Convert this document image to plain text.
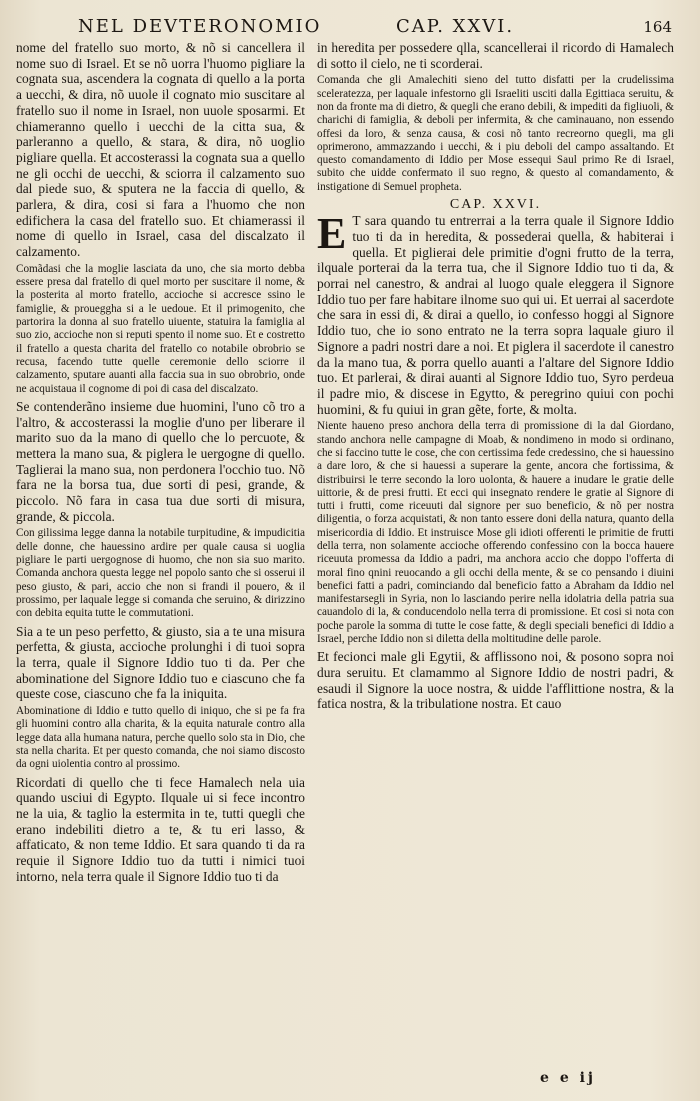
NEL DEVTERONOMIO	CAP. XXVI.	164

nome del fratello suo morto, & nõ si cancellera il nome suo di Israel. Et se nõ uorra l'huomo pigliare la cognata sua, ascendera la cognata di quello a la porta a uecchi, & dira, nõ uuole il cognato mio suscitare al fratello suo il nome in Israel, non uuole sposarmi. Et chiameranno quello i uecchi de la citta sua, & parleranno a quello, & stara, & dira, nõ uoglio pigliare quella. Et accosterassi la cognata sua a quello ne gli occhi de uecchi, & sciorra il calzamento suo dal piede suo, & sputera ne la faccia di quello, & parlera, & dira, cosi si fara a l'huomo che non edifichera la casa del fratello suo. Et chiamerassi il nome di quello in Israel, casa del discalzato il calzamento.

Comãdasi che la moglie lasciata da uno, che sia morto debba essere presa dal fratello di quel morto per suscitare il nome, & la posterita al morto fratello, accioche si accresce ssino le famiglie, & proueggha si a le uedoue. Et il primogenito, che partorira la donna al suo fratello uiuente, statuira la famiglia al suo zio, accioche non si reputi spento il nome suo. Et e costretto il fratello a questa charita del fratello co notabile obrobrio se recusa, facendo tutte quelle ceremonie dello sciorre il calzamento, sputare auanti alla faccia sua in suo obrobrio, onde ne acquistaua il cognome di poi di casa del discalzato.

Se contenderãno insieme due huomini, l'uno cõ tro a l'altro, & accosterassi la moglie d'uno per liberare il marito suo da la mano di quello che lo percuote, & mettera la mano sua, & piglera le uergogne di quello. Taglierai la mano sua, non perdonera l'occhio tuo. Nõ fara ne la borsa tua, due sorti di pesi, grande, & piccolo. Nõ fara in casa tua due sorti di misura, grande, & piccola.

Con gilissima legge danna la notabile turpitudine, & impudicitia delle donne, che hauessino ardire per quale causa si uoglia pigliare le parti uergognose di huomo, che non sia suo marito. Comanda anchora questa legge nel popolo santo che si osserui il peso giusto, & pari, accio che non si frandi il pouero, & il prossimo, per laquale legge si comanda che seruino, & dirizzino con debita equita tutte le commutationi.

Sia a te un peso perfetto, & giusto, sia a te una misura perfetta, & giusta, accioche prolunghi i di tuoi sopra la terra, quale il Signore Iddio tuo ti da. Per che abominatione del Signore Iddio tuo e ciascuno che fa queste cose, ciascuno che fa la iniquita.

Abominatione di Iddio e tutto quello di iniquo, che si pe fa fra gli huomini contro alla charita, & la equita naturale contro alla legge data alla humana natura, perche quello solo sta in Dio, che sta nella charita. Et per questo comanda, che noi siamo discosto da ogni uiolentia contro al prossimo.

Ricordati di quello che ti fece Hamalech nela uia quando usciui di Egypto. Ilquale ui si fece incontro ne la uia, & taglio la estermita in te, tutti quegli che erano indebiliti dietro a te, & tu eri lasso, & affaticato, & non teme Iddio. Et sara quando ti da ra requie il Signore Iddio tuo da tutti i nimici tuoi intorno, nela terra quale il Signore Iddio tuo ti da

in heredita per possedere qlla, scancellerai il ricordo di Hamalech di sotto il cielo, ne ti scorderai.

Comanda che gli Amalechiti sieno del tutto disfatti per la crudelissima sceleratezza, per laquale infestorno gli Israeliti usciti dalla Egittiaca seruitu, & non da fronte ma di dietro, & quegli che erano debili, & impediti da figliuoli, & charichi di famiglia, & deboli per infermita, & che caminauano, non essendo offesi da loro, & senza causa, & cosi nõ tanto recreorno quegli, ma gli oprimerono, ammazzando i uecchi, & i piu deboli del campo assaltando. Et questo comandamento di Iddio per Mose essequi Saul primo Re di Israel, subito che uidde confermato il suo regno, & questo al comandamento, & instigatione di Semuel propheta.

CAP. XXVI.

E T sara quando tu entrerrai a la terra quale il Signore Iddio tuo ti da in heredita, & possederai quella, & habiterai i quella. Et piglierai dele primitie d'ogni frutto de la terra, ilquale porterai da la terra tua, che il Signore Iddio tuo ti da, & porrai nel canestro, & andrai al luogo quale eleggera il Signore Iddio tuo per fare habitare ilnome suo qui ui. Et uerrai al sacerdote che sara in essi di, & dirai a quello, io confesso hoggi al Signore Iddio tuo, che io sono entrato ne la terra sopra laquale giuro il Signore a padri nostri dare a noi. Et piglera il sacerdote il canestro da la mano tua, & porra quello auanti a l'altare del Signore Iddio tuo. Et parlerai, & dirai auanti al Signore Iddio tuo, Syro perdeua il padre mio, & discese in Egytto, & peregrino quiui con pochi huomini, & fu quiui in gran gẽte, forte, & molta.

Niente haueno preso anchora della terra di promissione di la dal Giordano, stando anchora nelle campagne di Moab, & nondimeno in modo si ordinano, che si faccino tutte le cose, che con certissima fede credessino, che si hauessino a dare loro, & che si hauessi a superare la gente, ancora che fortissima, & distribuirsi le terre secondo la loro uolonta, & hauere a inudare le gratie delle uittorie, & de presi frutti. Et ecci qui insegnato rendere le gratie al Signore di tutti i frutti, come riceuuti dal signore per suo beneficio, & nõ per nostra diligentia, o forza acquistati, & non tanto essere doni della natura, quanto della misericordia di Iddio. Et instruisce Mose gli idioti offerenti le primitie de frutti della terra, non solamente accioche offerendo confessino con la bocca hauere riceuuta promessa da Iddio a padri, ma anchora accio che doppo l'offerta di moral fino qnini reuocando a gli occhi della mente, & se co pensando i diuini benefici fatti a padri, cominciando dal beneficio fatto a Abraham da Iddio nel manifestarsegli in Syria, non lo lasciando perire nella idolatria della patria sua cauandolo di la, & conducendolo nella terra di promissione. Et cosi si nota con poche parole la somma di tutte le cose fatte, & degli speciali benefici di Iddio a Israel, perche Iddio non si diletta della moltitudine delle parole.

Et fecionci male gli Egytii, & afflissono noi, & posono sopra noi dura seruitu. Et clamammo al Signore Iddio de nostri padri, & esaudi il Signore la uoce nostra, & uidde l'afflittione nostra, & la fatica nostra, & la tribulatione nostra. Et cauo

e e ij
